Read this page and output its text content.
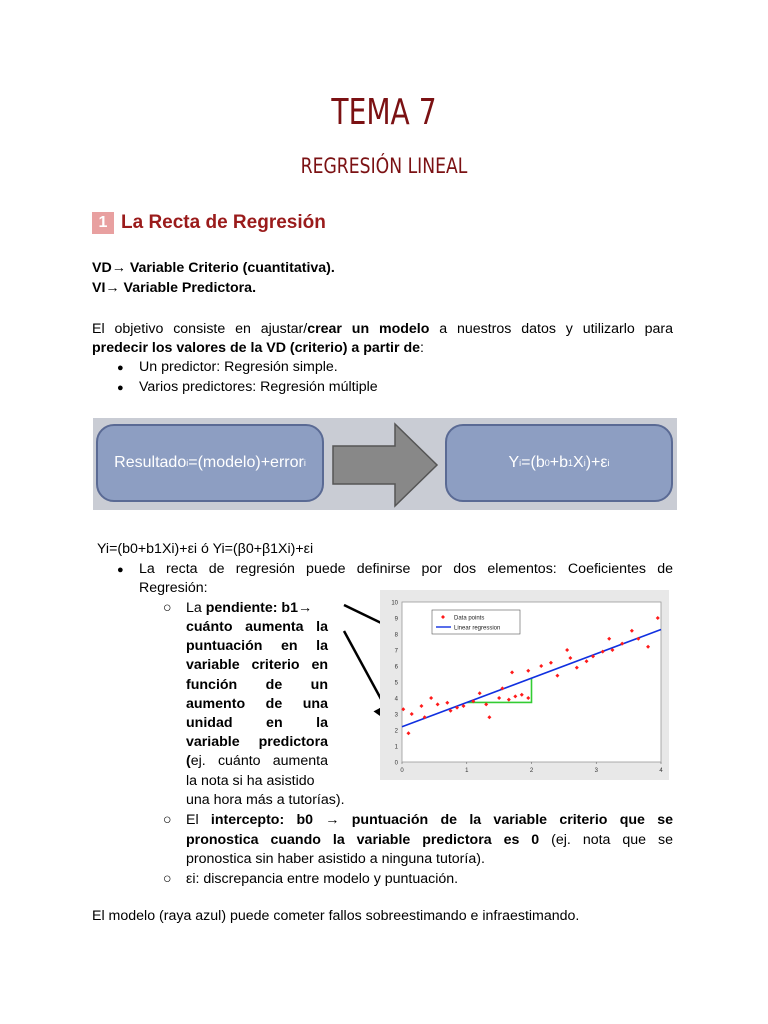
TEMA 7
REGRESIÓN LINEAL
1 La Recta de Regresión
VD→ Variable Criterio (cuantitativa).
VI→ Variable Predictora.
El objetivo consiste en ajustar/crear un modelo a nuestros datos y utilizarlo para
predecir los valores de la VD (criterio) a partir de:
● Un predictor: Regresión simple.
● Varios predictores: Regresión múltiple
Resultado i =(modelo)+error i	Y i =(b 0 +b 1 X i )+ε i
Yi=(b0+b1Xi)+εi ó Yi=(β0+β1Xi)+εi
● La recta de regresión puede definirse por dos elementos: Coeficientes de
Regresión:
○ La pendiente: b1→
cuánto aumenta la
puntuación en la
variable criterio en
función de un
aumento de una
unidad en la
variable predictora
(ej. cuánto aumenta
la nota si ha asistido
una hora más a tutorías).
0
1
2
3
4
5
6
7
8
9
10
0	1	2	3	4
Data points
Linear regression
○ El intercepto: b0 → puntuación de la variable criterio que se
pronostica cuando la variable predictora es 0 (ej. nota que se
pronostica sin haber asistido a ninguna tutoría).
○ εi: discrepancia entre modelo y puntuación.
El modelo (raya azul) puede cometer fallos sobreestimando e infraestimando.
